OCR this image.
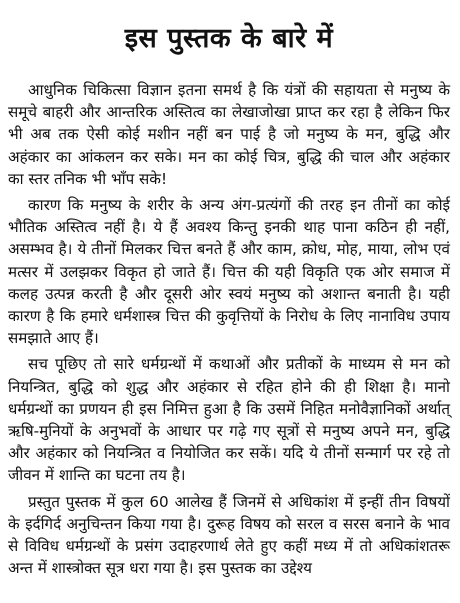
इस पुस्तक के बारे में

आधुनिक चिकित्सा विज्ञान इतना समर्थ है कि यंत्रों की सहायता से मनुष्य के समूचे बाहरी और आन्तरिक अस्तित्व का लेखाजोखा प्राप्त कर रहा है लेकिन फिर भी अब तक ऐसी कोई मशीन नहीं बन पाई है जो मनुष्य के मन, बुद्धि और अहंकार का आंकलन कर सके। मन का कोई चित्र, बुद्धि की चाल और अहंकार का स्तर तनिक भी भाँप सके!

कारण कि मनुष्य के शरीर के अन्य अंग-प्रत्यंगों की तरह इन तीनों का कोई भौतिक अस्तित्व नहीं है। ये हैं अवश्य किन्तु इनकी थाह पाना कठिन ही नहीं, असम्भव है। ये तीनों मिलकर चित्त बनते हैं और काम, क्रोध, मोह, माया, लोभ एवं मत्सर में उलझकर विकृत हो जाते हैं। चित्त की यही विकृति एक ओर समाज में कलह उत्पन्न करती है और दूसरी ओर स्वयं मनुष्य को अशान्त बनाती है। यही कारण है कि हमारे धर्मशास्त्र चित्त की कुवृत्तियों के निरोध के लिए नानाविध उपाय समझाते आए हैं।

सच पूछिए तो सारे धर्मग्रन्थों में कथाओं और प्रतीकों के माध्यम से मन को नियन्त्रित, बुद्धि को शुद्ध और अहंकार से रहित होने की ही शिक्षा है। मानो धर्मग्रन्थों का प्रणयन ही इस निमित्त हुआ है कि उसमें निहित मनोवैज्ञानिकों अर्थात् ऋषि-मुनियों के अनुभवों के आधार पर गढ़े गए सूत्रों से मनुष्य अपने मन, बुद्धि और अहंकार को नियन्त्रित व नियोजित कर सकें। यदि ये तीनों सन्मार्ग पर रहे तो जीवन में शान्ति का घटना तय है।

प्रस्तुत पुस्तक में कुल 60 आलेख हैं जिनमें से अधिकांश में इन्हीं तीन विषयों के इर्दगिर्द अनुचिन्तन किया गया है। दुरूह विषय को सरल व सरस बनाने के भाव से विविध धर्मग्रन्थों के प्रसंग उदाहरणार्थ लेते हुए कहीं मध्य में तो अधिकांशतरू अन्त में शास्त्रोक्त सूत्र धरा गया है। इस पुस्तक का उद्देश्य
